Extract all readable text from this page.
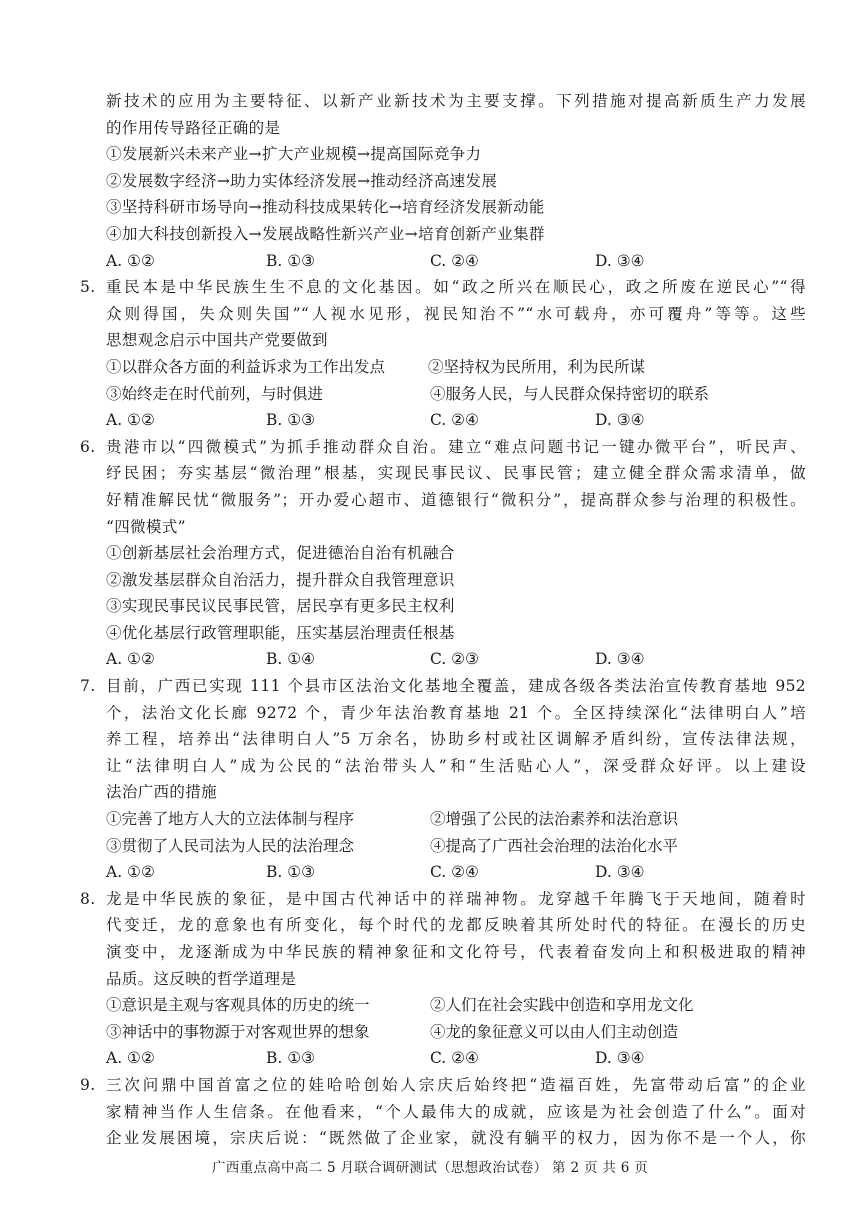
新技术的应用为主要特征、以新产业新技术为主要支撑。下列措施对提高新质生产力发展
的作用传导路径正确的是
①发展新兴未来产业→扩大产业规模→提高国际竞争力
②发展数字经济→助力实体经济发展→推动经济高速发展
③坚持科研市场导向→推动科技成果转化→培育经济发展新动能
④加大科技创新投入→发展战略性新兴产业→培育创新产业集群
A. ①②	B. ①③	C. ②④	D. ③④
5. 重民本是中华民族生生不息的文化基因。如“政之所兴在顺民心，政之所废在逆民心”“得
众则得国，失众则失国”“人视水见形，视民知治不”“水可载舟，亦可覆舟”等等。这些
思想观念启示中国共产党要做到
①以群众各方面的利益诉求为工作出发点	②坚持权为民所用，利为民所谋
③始终走在时代前列，与时俱进	④服务人民，与人民群众保持密切的联系
A. ①②	B. ①③	C. ②④	D. ③④
6. 贵港市以“四微模式”为抓手推动群众自治。建立“难点问题书记一键办微平台”，听民声、
纾民困；夯实基层“微治理”根基，实现民事民议、民事民管；建立健全群众需求清单，做
好精准解民忧“微服务”；开办爱心超市、道德银行“微积分”，提高群众参与治理的积极性。
“四微模式”
①创新基层社会治理方式，促进德治自治有机融合
②激发基层群众自治活力，提升群众自我管理意识
③实现民事民议民事民管，居民享有更多民主权利
④优化基层行政管理职能，压实基层治理责任根基
A. ①②	B. ①④	C. ②③	D. ③④
7. 目前，广西已实现 111 个县市区法治文化基地全覆盖，建成各级各类法治宣传教育基地 952
个，法治文化长廊 9272 个，青少年法治教育基地 21 个。全区持续深化“法律明白人”培
养工程，培养出“法律明白人”5 万余名，协助乡村或社区调解矛盾纠纷，宣传法律法规，
让“法律明白人”成为公民的“法治带头人”和“生活贴心人”，深受群众好评。以上建设
法治广西的措施
①完善了地方人大的立法体制与程序	②增强了公民的法治素养和法治意识
③贯彻了人民司法为人民的法治理念	④提高了广西社会治理的法治化水平
A. ①②	B. ①③	C. ②④	D. ③④
8. 龙是中华民族的象征，是中国古代神话中的祥瑞神物。龙穿越千年腾飞于天地间，随着时
代变迁，龙的意象也有所变化，每个时代的龙都反映着其所处时代的特征。在漫长的历史
演变中，龙逐渐成为中华民族的精神象征和文化符号，代表着奋发向上和积极进取的精神
品质。这反映的哲学道理是
①意识是主观与客观具体的历史的统一	②人们在社会实践中创造和享用龙文化
③神话中的事物源于对客观世界的想象	④龙的象征意义可以由人们主动创造
A. ①②	B. ①③	C. ②④	D. ③④
9. 三次问鼎中国首富之位的娃哈哈创始人宗庆后始终把“造福百姓，先富带动后富”的企业
家精神当作人生信条。在他看来，“个人最伟大的成就，应该是为社会创造了什么”。面对
企业发展困境，宗庆后说：“既然做了企业家，就没有躺平的权力，因为你不是一个人，你
广西重点高中高二 5 月联合调研测试（思想政治试卷） 第 2 页 共 6 页
